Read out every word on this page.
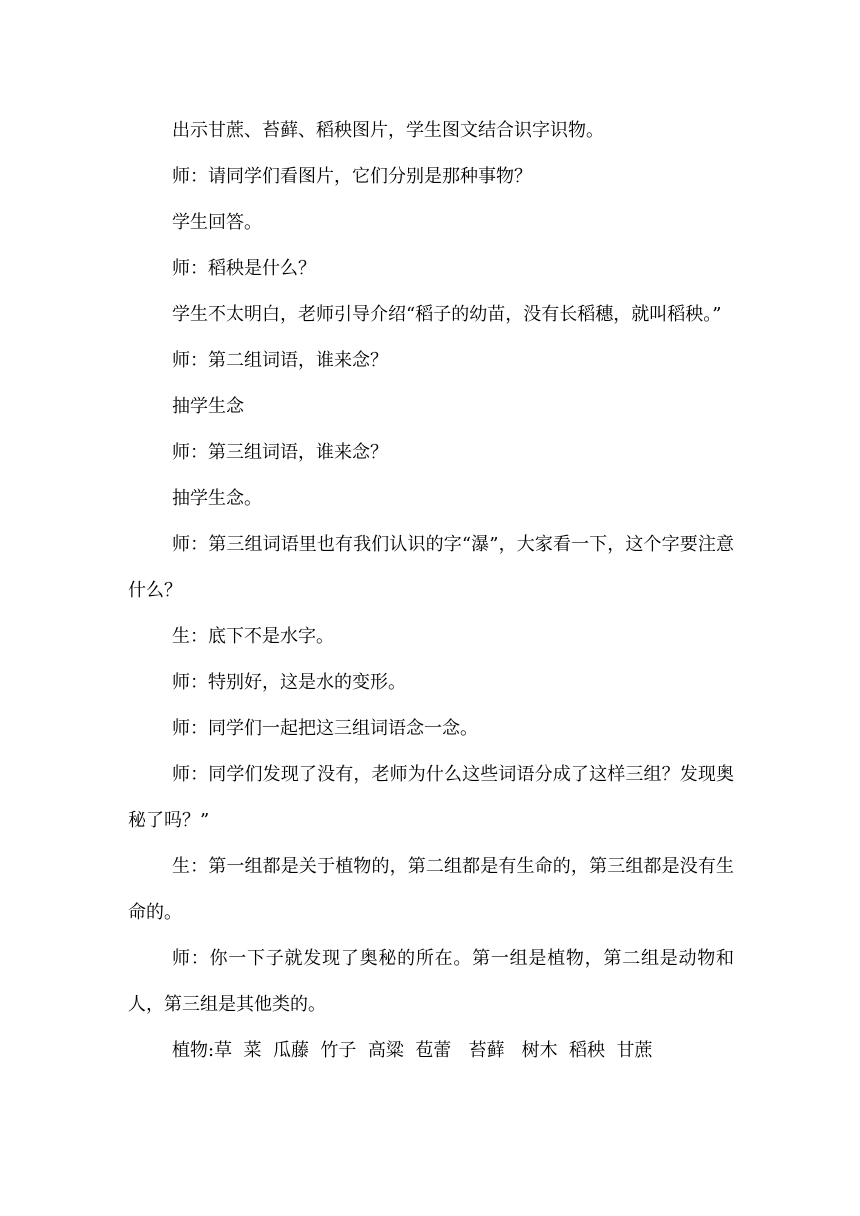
出示甘蔗、苔藓、稻秧图片，学生图文结合识字识物。

师：请同学们看图片，它们分别是那种事物？

学生回答。

师：稻秧是什么？

学生不太明白，老师引导介绍“稻子的幼苗，没有长稻穗，就叫稻秧。”

师：第二组词语，谁来念？

抽学生念

师：第三组词语，谁来念？

抽学生念。

师：第三组词语里也有我们认识的字“瀑”，大家看一下，这个字要注意什么？

生：底下不是水字。

师：特别好，这是水的变形。

师：同学们一起把这三组词语念一念。

师：同学们发现了没有，老师为什么这些词语分成了这样三组？发现奥秘了吗？”

生：第一组都是关于植物的，第二组都是有生命的，第三组都是没有生命的。

师：你一下子就发现了奥秘的所在。第一组是植物，第二组是动物和人，第三组是其他类的。

植物:草  菜  瓜藤  竹子  高粱  苞蕾   苔藓   树木  稻秧  甘蔗
